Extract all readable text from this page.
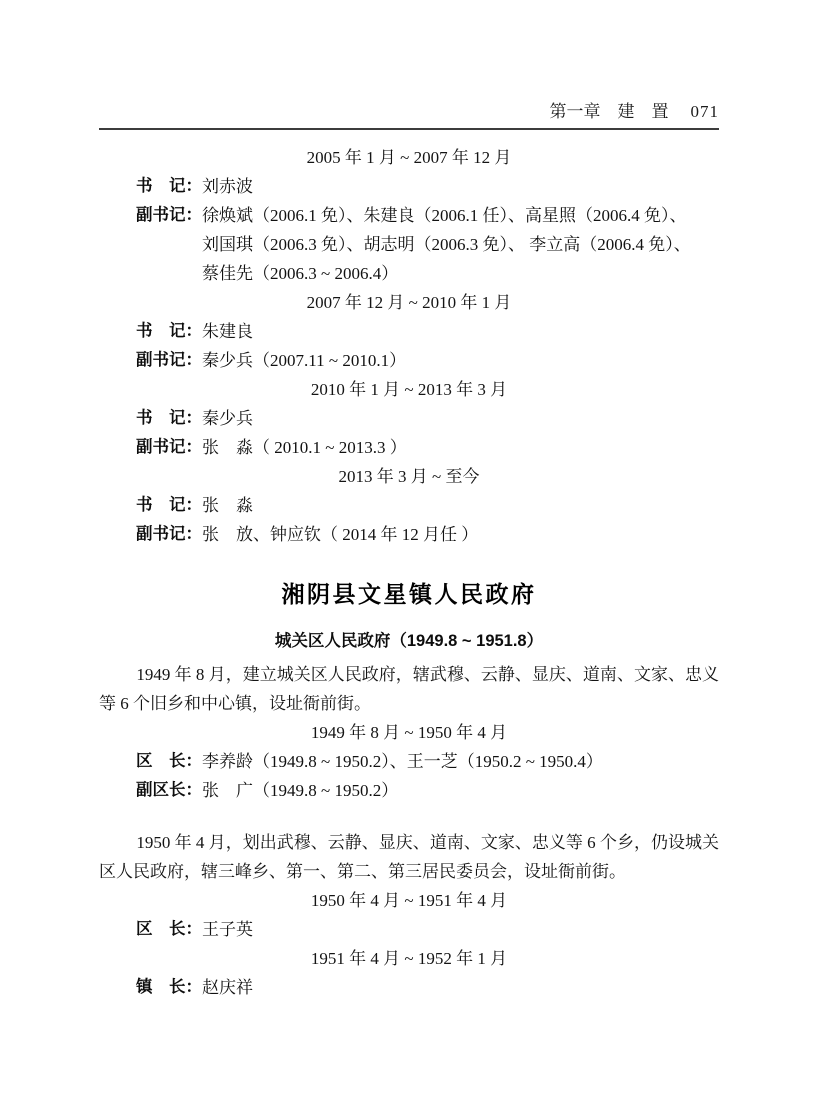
第一章　建　置 071
2005 年 1 月 ~ 2007 年 12 月
书　记： 刘赤波
副书记： 徐焕斌（2006.1 免）、朱建良（2006.1 任）、高星照（2006.4 免）、
刘国琪（2006.3 免）、胡志明（2006.3 免）、 李立高（2006.4 免）、
蔡佳先（2006.3 ~ 2006.4）
2007 年 12 月 ~ 2010 年 1 月
书　记： 朱建良
副书记： 秦少兵（2007.11 ~ 2010.1）
2010 年 1 月 ~ 2013 年 3 月
书　记： 秦少兵
副书记： 张　淼（ 2010.1 ~ 2013.3 ）
2013 年 3 月 ~ 至今
书　记： 张　淼
副书记： 张　放、钟应钦（ 2014 年 12 月任 ）
湘阴县文星镇人民政府
城关区人民政府（1949.8 ~ 1951.8）
1949 年 8 月，建立城关区人民政府，辖武穆、云静、显庆、道南、文家、忠义等 6 个旧乡和中心镇，设址衙前街。
1949 年 8 月 ~ 1950 年 4 月
区　长： 李养龄（1949.8 ~ 1950.2）、王一芝（1950.2 ~ 1950.4）
副区长： 张　广（1949.8 ~ 1950.2）
1950 年 4 月，划出武穆、云静、显庆、道南、文家、忠义等 6 个乡，仍设城关区人民政府，辖三峰乡、第一、第二、第三居民委员会，设址衙前街。
1950 年 4 月 ~ 1951 年 4 月
区　长： 王子英
1951 年 4 月 ~ 1952 年 1 月
镇　长： 赵庆祥
